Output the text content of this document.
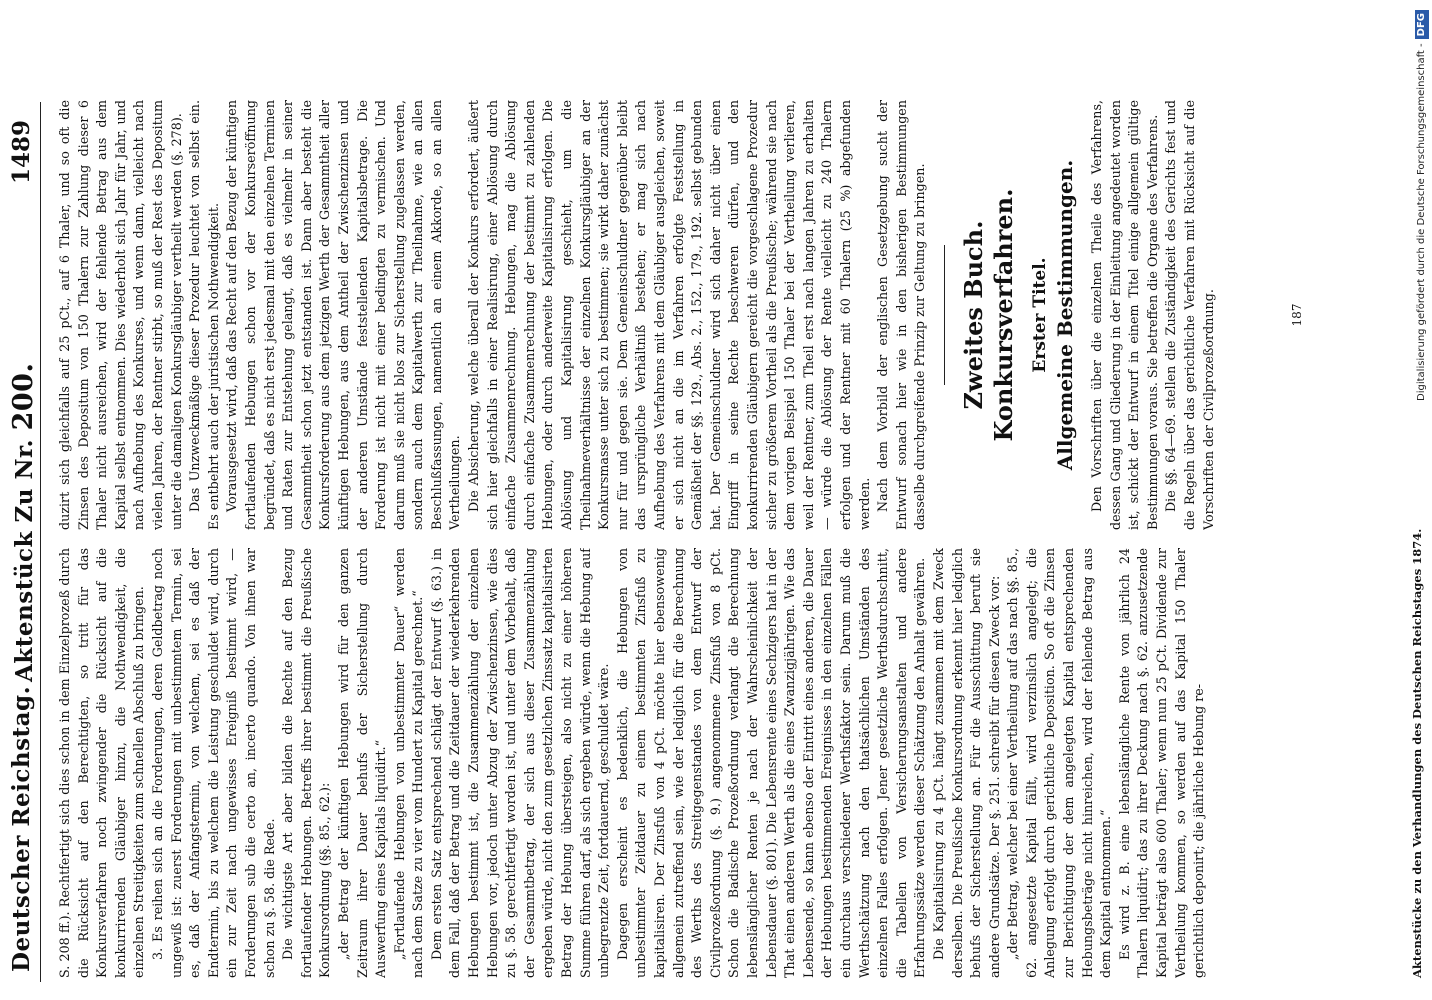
Deutscher Reichstag.
Aktenstück Zu Nr. 200.
1489

S. 208 ff.). Rechtfertigt sich dies schon in dem Einzelprozeß durch die Rücksicht auf den Berechtigten, so tritt für das Konkursverfahren noch zwingender die Rücksicht auf die konkurrirenden Gläubiger hinzu, die Nothwendigkeit, die einzelnen Streitigkeiten zum schnellen Abschluß zu bringen. 3. Es reihen sich an die Forderungen, deren Geldbetrag noch ungewiß ist: zuerst Forderungen mit unbestimmtem Termin, sei es, daß der Anfangstermin, von welchem, sei es daß der Endtermin, bis zu welchem die Leistung geschuldet wird, durch ein zur Zeit nach ungewisses Ereigniß bestimmt wird, — Forderungen sub die certo an, incerto quando. Von ihnen war schon zu §. 58. die Rede. Die wichtigste Art aber bilden die Rechte auf den Bezug fortlaufender Hebungen. Betreffs ihrer bestimmt die Preußische Konkursordnung (§§. 85., 62.): „der Betrag der künftigen Hebungen wird für den ganzen Zeitraum ihrer Dauer behufs der Sicherstellung durch Auswerfung eines Kapitals liquidirt.“ „Fortlaufende Hebungen von unbestimmter Dauer“ werden nach dem Satze zu vier vom Hundert zu Kapital gerechnet.“ Dem ersten Satz entsprechend schlägt der Entwurf (§. 63.) in dem Fall, daß der Betrag und die Zeitdauer der wiederkehrenden Hebungen bestimmt ist, die Zusammenzählung der einzelnen Hebungen vor, jedoch unter Abzug der Zwischenzinsen, wie dies zu §. 58. gerechtfertigt worden ist, und unter dem Vorbehalt, daß der Gesammtbetrag, der sich aus dieser Zusammenzählung ergeben würde, nicht den zum gesetzlichen Zinssatz kapitalisirten Betrag der Hebung übersteigen, also nicht zu einer höheren Summe führen darf, als sich ergeben würde, wenn die Hebung auf unbegrenzte Zeit, fortdauernd, geschuldet wäre. Dagegen erscheint es bedenklich, die Hebungen von unbestimmter Zeitdauer zu einem bestimmten Zinsfuß zu kapitalisiren. Der Zinsfuß von 4 pCt. möchte hier ebensowenig allgemein zutreffend sein, wie der lediglich für die Berechnung des Werths des Streitgegenstandes von dem Entwurf der Civilprozeßordnung (§. 9.) angenommene Zinsfuß von 8 pCt. Schon die Badische Prozeßordnung verlangt die Berechnung lebenslänglicher Renten je nach der Wahrscheinlichkeit der Lebensdauer (§. 801). Die Lebensrente eines Sechzigers hat in der That einen anderen Werth als die eines Zwanzigjährigen. Wie das Lebensende, so kann ebenso der Eintritt eines anderen, die Dauer der Hebungen bestimmenden Ereignisses in den einzelnen Fällen ein durchaus verschiedener Werthsfaktor sein. Darum muß die Werthschätzung nach den thatsächlichen Umständen des einzelnen Falles erfolgen. Jener gesetzliche Werthsdurchschnitt, die Tabellen von Versicherungsanstalten und andere Erfahrungssätze werden dieser Schätzung den Anhalt gewähren. Die Kapitalisirung zu 4 pCt. hängt zusammen mit dem Zweck derselben. Die Preußische Konkursordnung erkennt hier lediglich behufs der Sicherstellung an. Für die Ausschüttung beruft sie andere Grundsätze. Der §. 251. schreibt für diesen Zweck vor: „der Betrag, welcher bei einer Vertheilung auf das nach §§. 85., 62. angesetzte Kapital fällt, wird verzinslich angelegt; die Anlegung erfolgt durch gerichtliche Deposition. So oft die Zinsen zur Berichtigung der dem angelegten Kapital entsprechenden Hebungsbeträge nicht hinreichen, wird der fehlende Betrag aus dem Kapital entnommen.“ Es wird z. B. eine lebenslängliche Rente von jährlich 24 Thalern liquidirt; das zu ihrer Deckung nach §. 62. anzusetzende Kapital beträgt also 600 Thaler; wenn nun 25 pCt. Dividende zur Vertheilung kommen, so werden auf das Kapital 150 Thaler gerichtlich deponirt; die jährliche Hebung re-

duzirt sich gleichfalls auf 25 pCt., auf 6 Thaler, und so oft die Zinsen des Depositum von 150 Thalern zur Zahlung dieser 6 Thaler nicht ausreichen, wird der fehlende Betrag aus dem Kapital selbst entnommen. Dies wiederholt sich Jahr für Jahr, und nach Aufhebung des Konkurses, und wenn dann, vielleicht nach vielen Jahren, der Rentner stirbt, so muß der Rest des Depositum unter die damaligen Konkursgläubiger vertheilt werden (§. 278). Das Unzweckmäßige dieser Prozedur leuchtet von selbst ein. Es entbehrt auch der juristischen Nothwendigkeit. Vorausgesetzt wird, daß das Recht auf den Bezug der künftigen fortlaufenden Hebungen schon vor der Konkurseröffnung begründet, daß es nicht erst jedesmal mit den einzelnen Terminen und Raten zur Entstehung gelangt, daß es vielmehr in seiner Gesammtheit schon jetzt entstanden ist. Dann aber besteht die Konkursforderung aus dem jetzigen Werth der Gesammtheit aller künftigen Hebungen, aus dem Antheil der Zwischenzinsen und der anderen Umstände feststellenden Kapitalsbetrage. Die Forderung ist nicht mit einer bedingten zu vermischen. Und darum muß sie nicht blos zur Sicherstellung zugelassen werden, sondern auch dem Kapitalwerth zur Theilnahme, wie an allen Beschlußfassungen, namentlich an einem Akkorde, so an allen Vertheilungen. Die Absicherung, welche überall der Konkurs erfordert, äußert sich hier gleichfalls in einer Realisirung, einer Ablösung durch einfache Zusammenrechnung. Hebungen, mag die Ablösung durch einfache Zusammenrechnung der bestimmt zu zahlenden Hebungen, oder durch anderweite Kapitalisirung erfolgen. Die Ablösung und Kapitalisirung geschieht, um die Theilnahmeverhältnisse der einzelnen Konkursgläubiger an der Konkursmasse unter sich zu bestimmen; sie wirkt daher zunächst nur für und gegen sie. Dem Gemeinschuldner gegenüber bleibt das ursprüngliche Verhältniß bestehen; er mag sich nach Aufhebung des Verfahrens mit dem Gläubiger ausgleichen, soweit er sich nicht an die im Verfahren erfolgte Feststellung in Gemäßheit der §§. 129., Abs. 2., 152., 179., 192. selbst gebunden hat. Der Gemeinschuldner wird sich daher nicht über einen Eingriff in seine Rechte beschweren dürfen, und den konkurrirenden Gläubigern gereicht die vorgeschlagene Prozedur sicher zu größerem Vortheil als die Preußische; während sie nach dem vorigen Beispiel 150 Thaler bei der Vertheilung verlieren, weil der Rentner, zum Theil erst nach langen Jahren zu erhalten — würde die Ablösung der Rente vielleicht zu 240 Thalern erfolgen und der Rentner mit 60 Thalern (25 %) abgefunden werden. Nach dem Vorbild der englischen Gesetzgebung sucht der Entwurf sonach hier wie in den bisherigen Bestimmungen dasselbe durchgreifende Prinzip zur Geltung zu bringen. Zweites Buch. Konkursverfahren. Erster Titel. Allgemeine Bestimmungen. Den Vorschriften über die einzelnen Theile des Verfahrens, dessen Gang und Gliederung in der Einleitung angedeutet worden ist, schickt der Entwurf in einem Titel einige allgemein gültige Bestimmungen voraus. Sie betreffen die Organe des Verfahrens. Die §§. 64—69. stellen die Zuständigkeit des Gerichts fest und die Regeln über das gerichtliche Verfahren mit Rücksicht auf die Vorschriften der Civilprozeßordnung.	187
Aktenstücke zu den Verhandlungen des Deutschen Reichstages 1874.
Digitalisierung gefördert durch die Deutsche Forschungsgemeinschaft -DFG
